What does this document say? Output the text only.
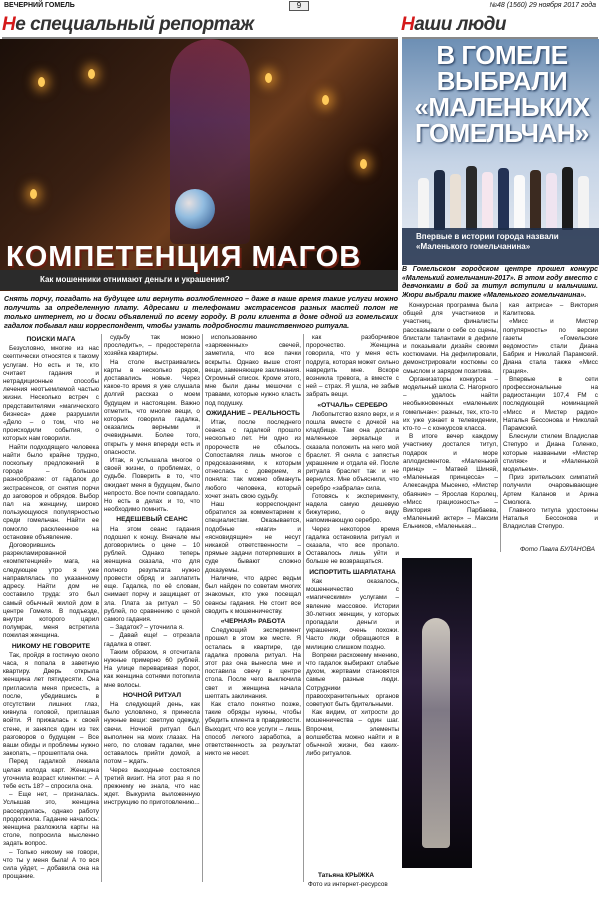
ВЕЧЕРНИЙ ГОМЕЛЬ	9	№48 (1560) 29 ноября 2017 года
Не специальный репортаж	Наши люди
КОМПЕТЕНЦИЯ МАГОВ
Как мошенники отнимают деньги и украшения?
Снять порчу, погадать на будущее или вернуть возлюбленного – даже в наше время такие услуги можно получить за определенную плату. Адресами и телефонами экстрасенсов разных мастей полон не только интернет, но и доски объявлений по всему городу. В роли клиента в доме одной из гомельских гадалок побывал наш корреспондент, чтобы узнать подробности таинственного ритуала.
ПОИСКИ МАГА

Безусловно, многие из нас скептически относятся к такому услугам. Но есть и те, кто считает гадания и нетрадиционные способы лечения неотъемлемой частью жизни. Несколько встреч с представителями «магического бизнеса» даже разрушили «Дело – о том, что не происходили события, о которых нам говорили.

Найти подходящего человека найти было крайне трудно, поскольку предложений в городе – большое разнообразие: от гадалок до экстрасенсов, от снятия порчи до заговоров и обрядов. Выбор пал на женщину, широко пользующуюся популярностью среди гомельчан. Найти ее помогло расклеенное на остановке объявление.

Договорившись разрекламированной «компетенцией» мага, на следующее утро я уже направлялась по указанному адресу. Найти дом не составило труда: это был самый обычный жилой дом в центре Гомеля. В подъезде, внутри которого царил полумрак, меня встретила пожилая женщина.

НИКОМУ НЕ ГОВОРИТЕ

Так, пройдя в гостиную около часа, я попала в заветную квартиру. Дверь открыла женщина лет пятидесяти. Она пригласила меня присесть, а после, убедившись в отсутствии лишних глаз, кивнула головой, приглашая войти. Я прижалась к своей стене, и занялся один из тех разговоров о будущем – Все ваши обиды и проблемы нужно закопать, – прошептала она.

Перед гадалкой лежала целая колода карт. Женщина уточнила возраст клиентки: – А тебе есть 18? – спросила она.

– Еще нет, – призналась. Услышав это, женщина рассердилась, однако работу продолжила. Гадание началось: женщина разложила карты на столе, попросила мысленно задать вопрос.

– Только никому не говори, что ты у меня была! А то вся сила уйдет, – добавила она на прощание.

судьбу так можно проследить», – предостерегла хозяйка квартиры.

На столе выстраивались карты в несколько рядов, доставались новые. Через какое-то время я уже слушала долгий рассказ о моем будущем и настоящем. Важно отметить, что многие вещи, о которых говорила гадалка, оказались верными и очевидными. Более того, открыть у меня впереди есть и опасности.

Итак, я услышала многое о своей жизни, о проблемах, о судьбе. Поверить в то, что ожидает меня в будущем, было непросто. Все почти совпадало. Но есть в делах и то, что необходимо помнить.

НЕДЕШЕВЫЙ СЕАНС

На этом сеанс гадания подошел к концу. Вначале мы договорились о цене – 10 рублей. Однако теперь женщина сказала, что для полного результата нужно провести обряд и заплатить еще. Гадалка, по её словам, снимает порчу и защищает от зла. Плата за ритуал – 50 рублей, по сравнению с ценой самого гадания.

– Задаток? – уточнила я.

– Давай еще! – отрезала гадалка в ответ.

Таким образом, я отсчитала нужные примерно 60 рублей. На улице переваривая порог, как женщина сотнями потопила мне волосы.

НОЧНОЙ РИТУАЛ

На следующий день, как было условлено, я принесла нужные вещи: светлую одежду, свечи. Ночной ритуал был выполнен на моих глазах. На него, по словам гадалки, мне оставалось прийти домой, а потом – ждать.

Через выходные состоялся третий визит. На этот раз я по прежнему не знала, что нас ждет. Выкурила выложенную инструкцию по приготовлению...

использованию «заряженных» свечей, заметила, что все пачки вскрыты. Однако выше стоят вещи, заменяющие заклинания. Огромный список. Кроме этого, мне были даны мешочки с травами, которые нужно класть под подушку.

ОЖИДАНИЕ – РЕАЛЬНОСТЬ

Итак, после последнего сеанса с гадалкой прошло несколько лет. Ни одно из пророчеств не сбылось. Сопоставляя лишь многое с предсказаниями, к которым отнеслась с доверием, я поняла: так можно обмануть любого человека, который хочет знать свою судьбу.

Наш корреспондент обратился за комментарием к специалистам. Оказывается, подобные «маги» и «ясновидящие» не несут никакой ответственности – прямые задачи потерпевших в суде бывают сложно доказуемы.

Наличие, что адрес ведьм был найден по советам многих знакомых, кто уже посещал сеансы гадания. Не стоит все сводить к мошенничеству.

«ЧЕРНАЯ» РАБОТА

Следующий эксперимент прошел в этом же месте. Я осталась в квартире, где гадалка провела ритуал. На этот раз она вынесла мне и поставила свечу в центре стола. После чего выключила свет и женщина начала шептать заклинания.

Как стало понятно позже, такие обряды нужны, чтобы убедить клиента в правдивости. Выходит, что все услуги – лишь способ легкого заработка, а ответственность за результат никто не несет.

как разборчивое пророчество. Женщина говорила, что у меня есть подруга, которая может сильно навредить мне. Вскоре возникла тревога, а вместе с ней – страх. Я ушла, не забыв забрать вещи.

«ОТЧАЛЬ» СЕРЕБРО

Любопытство взяло верх, и я пошла вместе с дочкой на кладбище. Там она достала маленькое зеркальце и сказала положить на него мой браслет. Я сняла с запястья украшение и отдала ей. После ритуала браслет так и не вернулся. Мне объяснили, что серебро «забрала» сила.

Готовясь к эксперименту, надела самую дешевую бижутерию, о виду напоминающую серебро.

Через некоторое время гадалка остановила ритуал и сказала, что все пропало. Оставалось лишь уйти и больше не возвращаться.

ИСПОРТИТЬ ШАРЛАТАНА

Как оказалось, мошенничество с «магическими» услугами – явление массовое. Истории 30-летних женщин, у которых пропадали деньги и украшения, очень похожи. Часто люди обращаются в милицию слишком поздно.

Вопреки расхожему мнению, что гадалок выбирают слабые духом, жертвами становятся самые разные люди. Сотрудники правоохранительных органов советуют быть бдительными.

Как видим, от хитрости до мошенничества – один шаг. Впрочем, элементы волшебства можно найти и в обычной жизни, без каких-либо ритуалов.

Татьяна КРЫЖКА
Фото из интернет-ресурсов
В ГОМЕЛЕ
ВЫБРАЛИ
«МАЛЕНЬКИХ
ГОМЕЛЬЧАН»
Впервые в истории города назвали «Маленького гомельчанина»
В Гомельском городском центре прошел конкурс «Маленький гомельчанин-2017». В этом году вместо с девчонками в бой за титул вступили и мальчишки. Жюри выбрали также «Маленького гомельчанина».

Конкурсная программа была общей для участников и участниц, финалисты рассказывали о себе со сцены, блистали талантами в дефиле и показывали дизайн своими костюмами. На дефилировали, демонстрировали костюмы со смыслом и зарядом позитива.

Организаторы конкурса – модельный школа С. Нагорного – удалось найти необыкновенных «маленьких гомельчан»: разных, тех, кто-то их уже узнает в телевидении, кто-то – с конкурсов класса.

В итоге вечер каждому участнику достался титул, подарок и море аплодисментов. «Маленький принц» – Матвей Шиняй, «Маленькая принцесса» – Александра Мысенко, «Мистер обаяние» – Ярослав Королец, «Мисс грациозность» – Виктория Парбаева, «Маленький актер» – Максим Ельников, «Маленькая...

кая актриса» – Виктория Калиткова.

«Мисс и Мистер популярность» по версии газеты «Гомельские ведомости» стали Диана Бабрик и Николай Парамский. Диана стала также «Мисс грация».

Впервые в сети профессиональные на радиостанции 107,4 FM с последующей номинацией «Мисс и Мистер радио» Наталья Бессонова и Николай Парамский.

Блеснули стилем Владислав Степуро и Диана Голенко, которые назваными «Мистер стиляж» и «Маленькой модельем».

Приз зрительских симпатий получили очаровывающие Артем Каланов и Арина Смолюга.

Главного титула удостоены Наталья Бессонова и Владислав Степуро.

Фото Павла БУЛАНОВА
